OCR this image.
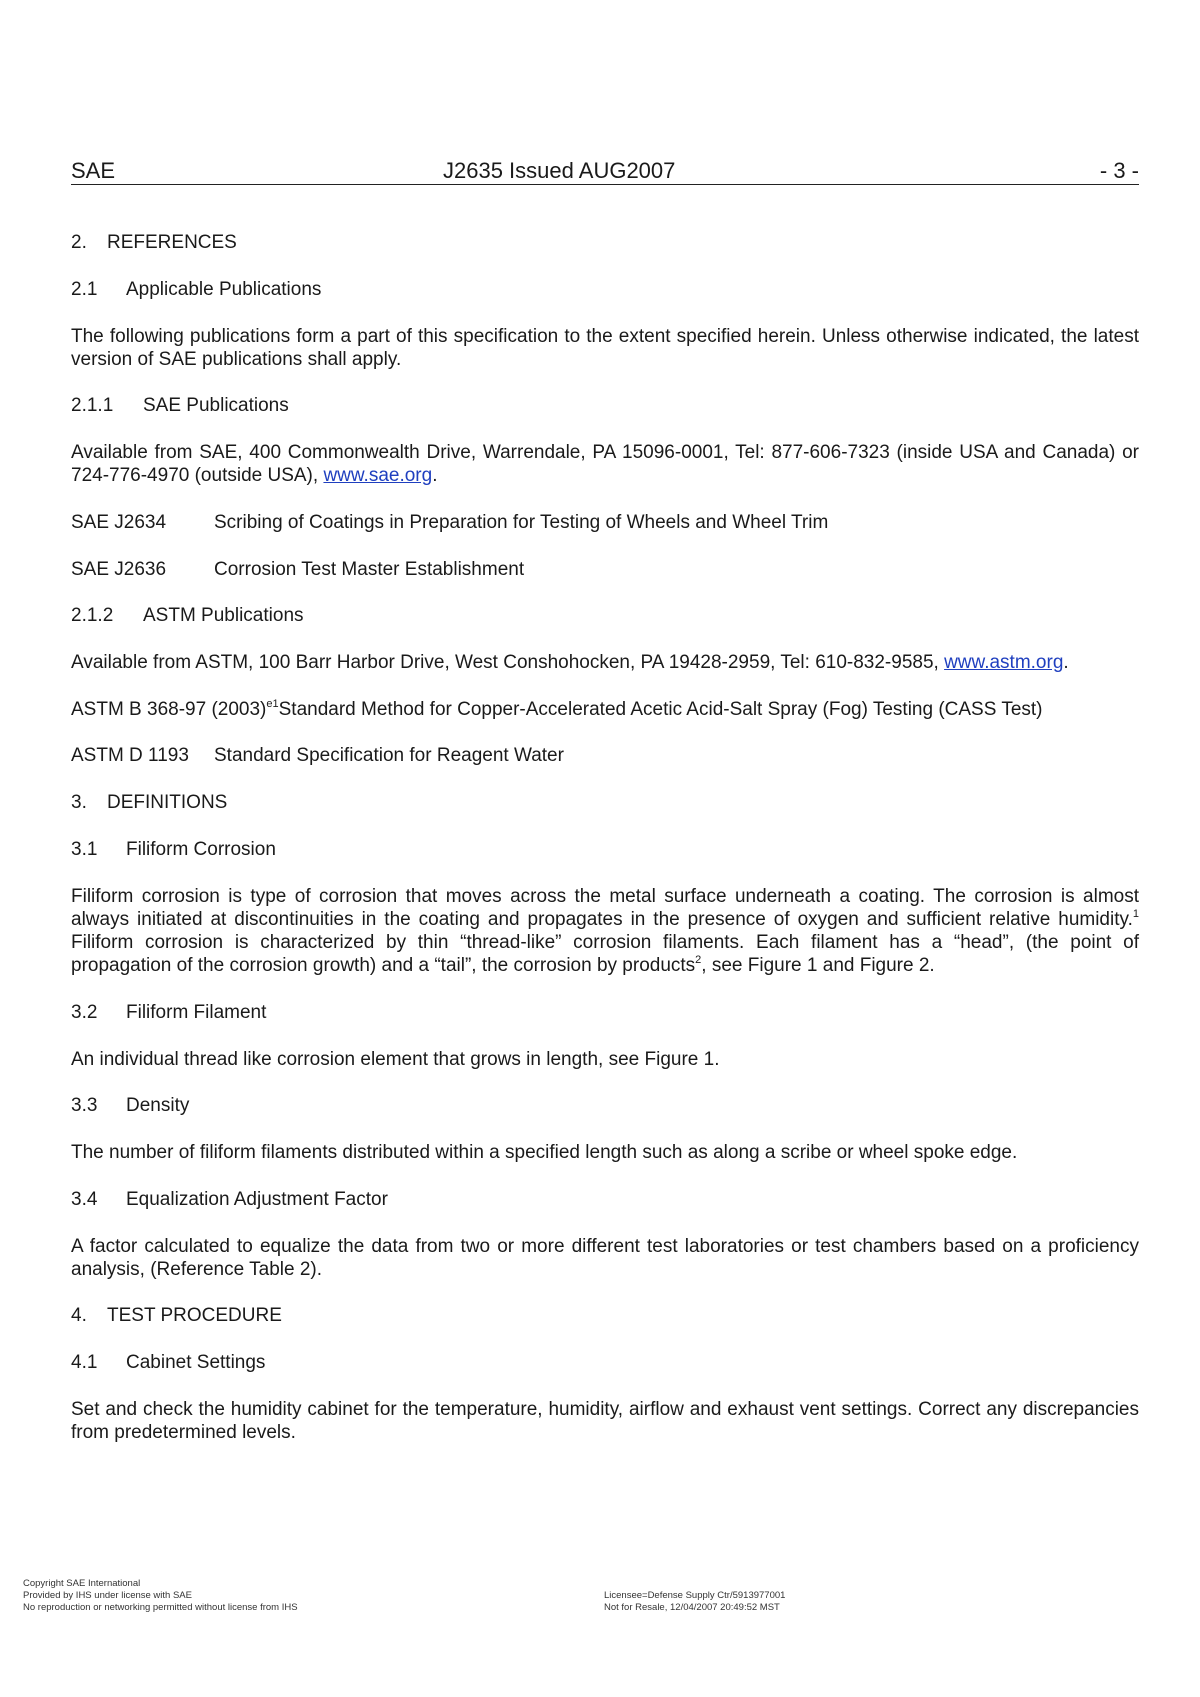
SAE	J2635 Issued AUG2007	- 3 -
2. REFERENCES
2.1 Applicable Publications

The following publications form a part of this specification to the extent specified herein. Unless otherwise indicated, the latest version of SAE publications shall apply.

2.1.1 SAE Publications

Available from SAE, 400 Commonwealth Drive, Warrendale, PA 15096-0001, Tel: 877-606-7323 (inside USA and Canada) or 724-776-4970 (outside USA), www.sae.org.

SAE J2634	Scribing of Coatings in Preparation for Testing of Wheels and Wheel Trim
SAE J2636	Corrosion Test Master Establishment
2.1.2 ASTM Publications
Available from ASTM, 100 Barr Harbor Drive, West Conshohocken, PA 19428-2959, Tel: 610-832-9585, www.astm.org.
ASTM B 368-97 $(2003)^{e1}Standard$ Method for Copper-Accelerated Acetic Acid-Salt Spray (Fog) Testing (CASS Test)
ASTM D 1193 Standard Specification for Reagent Water
3. DEFINITIONS
3.1 Filiform Corrosion

Filiform corrosion is type of corrosion that moves across the metal surface underneath a coating. The corrosion is almost always initiated at discontinuities in the coating and propagates in the presence of oxygen and sufficient relative humidity.$^1$ Filiform corrosion is characterized by thin “thread-like” corrosion filaments. Each filament has a “head”, (the point of propagation of the corrosion growth) and a “tail”, the corrosion by products$^2$, see Figure 1 and Figure 2.

3.2 Filiform Filament
An individual thread like corrosion element that grows in length, see Figure 1.
3.3 Density
The number of filiform filaments distributed within a specified length such as along a scribe or wheel spoke edge.
3.4 Equalization Adjustment Factor

A factor calculated to equalize the data from two or more different test laboratories or test chambers based on a proficiency analysis, (Reference Table 2).

4. TEST PROCEDURE
4.1 Cabinet Settings

Set and check the humidity cabinet for the temperature, humidity, airflow and exhaust vent settings. Correct any discrepancies from predetermined levels.

Copyright SAE International
Provided by IHS under license with SAE
No reproduction or networking permitted without license from IHS
Licensee=Defense Supply Ctr/5913977001
Not for Resale, 12/04/2007 20:49:52 MST
